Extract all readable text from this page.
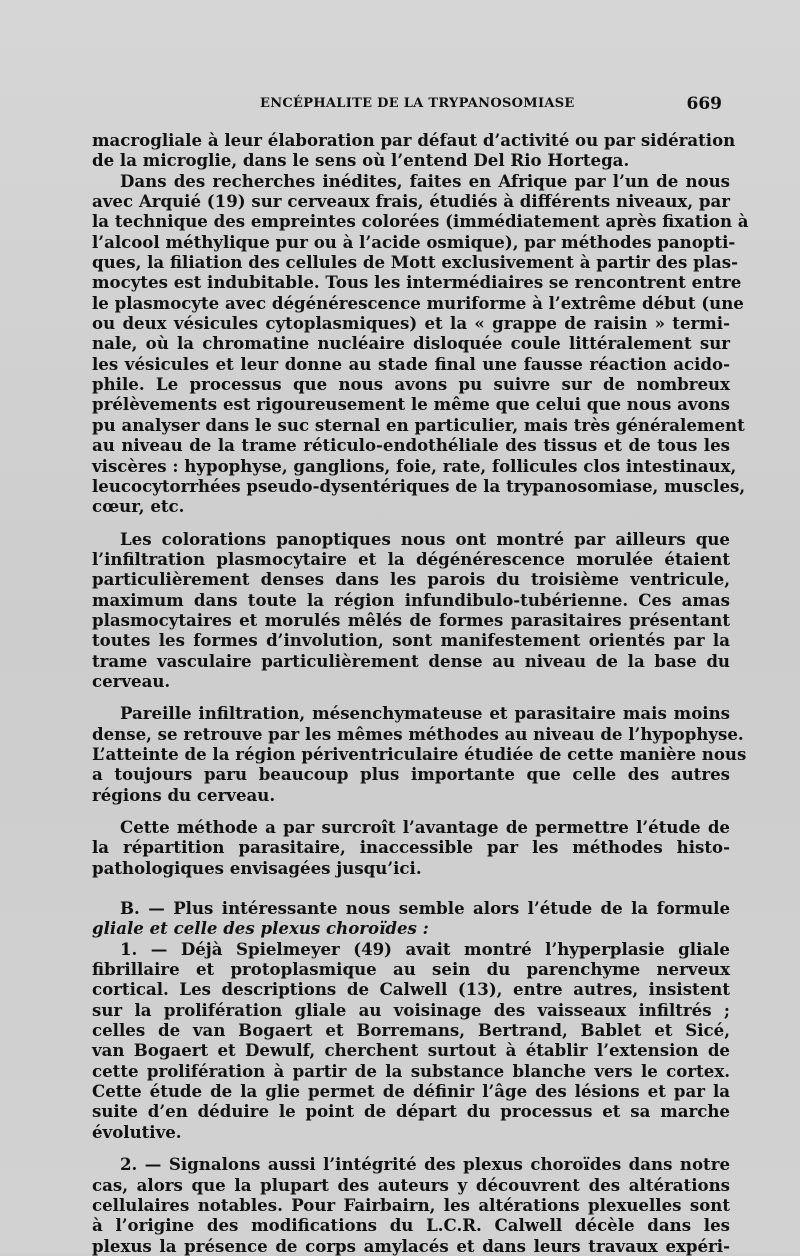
ENCÉPHALITE DE LA TRYPANOSOMIASE	669
macrogliale à leur élaboration par défaut d’activité ou par sidération
de la microglie, dans le sens où l’entend Del Rio Hortega.
Dans des recherches inédites, faites en Afrique par l’un de nous
avec Arquié (19) sur cerveaux frais, étudiés à différents niveaux, par
la technique des empreintes colorées (immédiatement après fixation à
l’alcool méthylique pur ou à l’acide osmique), par méthodes panopti-
ques, la filiation des cellules de Mott exclusivement à partir des plas-
mocytes est indubitable. Tous les intermédiaires se rencontrent entre
le plasmocyte avec dégénérescence muriforme à l’extrême début (une
ou deux vésicules cytoplasmiques) et la « grappe de raisin » termi-
nale, où la chromatine nucléaire disloquée coule littéralement sur
les vésicules et leur donne au stade final une fausse réaction acido-
phile. Le processus que nous avons pu suivre sur de nombreux
prélèvements est rigoureusement le même que celui que nous avons
pu analyser dans le suc sternal en particulier, mais très généralement
au niveau de la trame réticulo-endothéliale des tissus et de tous les
viscères : hypophyse, ganglions, foie, rate, follicules clos intestinaux,
leucocytorrhées pseudo-dysentériques de la trypanosomiase, muscles,
cœur, etc.
Les colorations panoptiques nous ont montré par ailleurs que
l’infiltration plasmocytaire et la dégénérescence morulée étaient
particulièrement denses dans les parois du troisième ventricule,
maximum dans toute la région infundibulo-tubérienne. Ces amas
plasmocytaires et morulés mêlés de formes parasitaires présentant
toutes les formes d’involution, sont manifestement orientés par la
trame vasculaire particulièrement dense au niveau de la base du
cerveau.
Pareille infiltration, mésenchymateuse et parasitaire mais moins
dense, se retrouve par les mêmes méthodes au niveau de l’hypophyse.
L’atteinte de la région périventriculaire étudiée de cette manière nous
a toujours paru beaucoup plus importante que celle des autres
régions du cerveau.
Cette méthode a par surcroît l’avantage de permettre l’étude de
la répartition parasitaire, inaccessible par les méthodes histo-
pathologiques envisagées jusqu’ici.
B. — Plus intéressante nous semble alors l’étude de la formule
gliale et celle des plexus choroïdes :
1. — Déjà Spielmeyer (49) avait montré l’hyperplasie gliale
fibrillaire et protoplasmique au sein du parenchyme nerveux
cortical. Les descriptions de Calwell (13), entre autres, insistent
sur la prolifération gliale au voisinage des vaisseaux infiltrés ;
celles de van Bogaert et Borremans, Bertrand, Bablet et Sicé,
van Bogaert et Dewulf, cherchent surtout à établir l’extension de
cette prolifération à partir de la substance blanche vers le cortex.
Cette étude de la glie permet de définir l’âge des lésions et par la
suite d’en déduire le point de départ du processus et sa marche
évolutive.
2. — Signalons aussi l’intégrité des plexus choroïdes dans notre
cas, alors que la plupart des auteurs y découvrent des altérations
cellulaires notables. Pour Fairbairn, les altérations plexuelles sont
à l’origine des modifications du L.C.R. Calwell décèle dans les
plexus la présence de corps amylacés et dans leurs travaux expéri-
